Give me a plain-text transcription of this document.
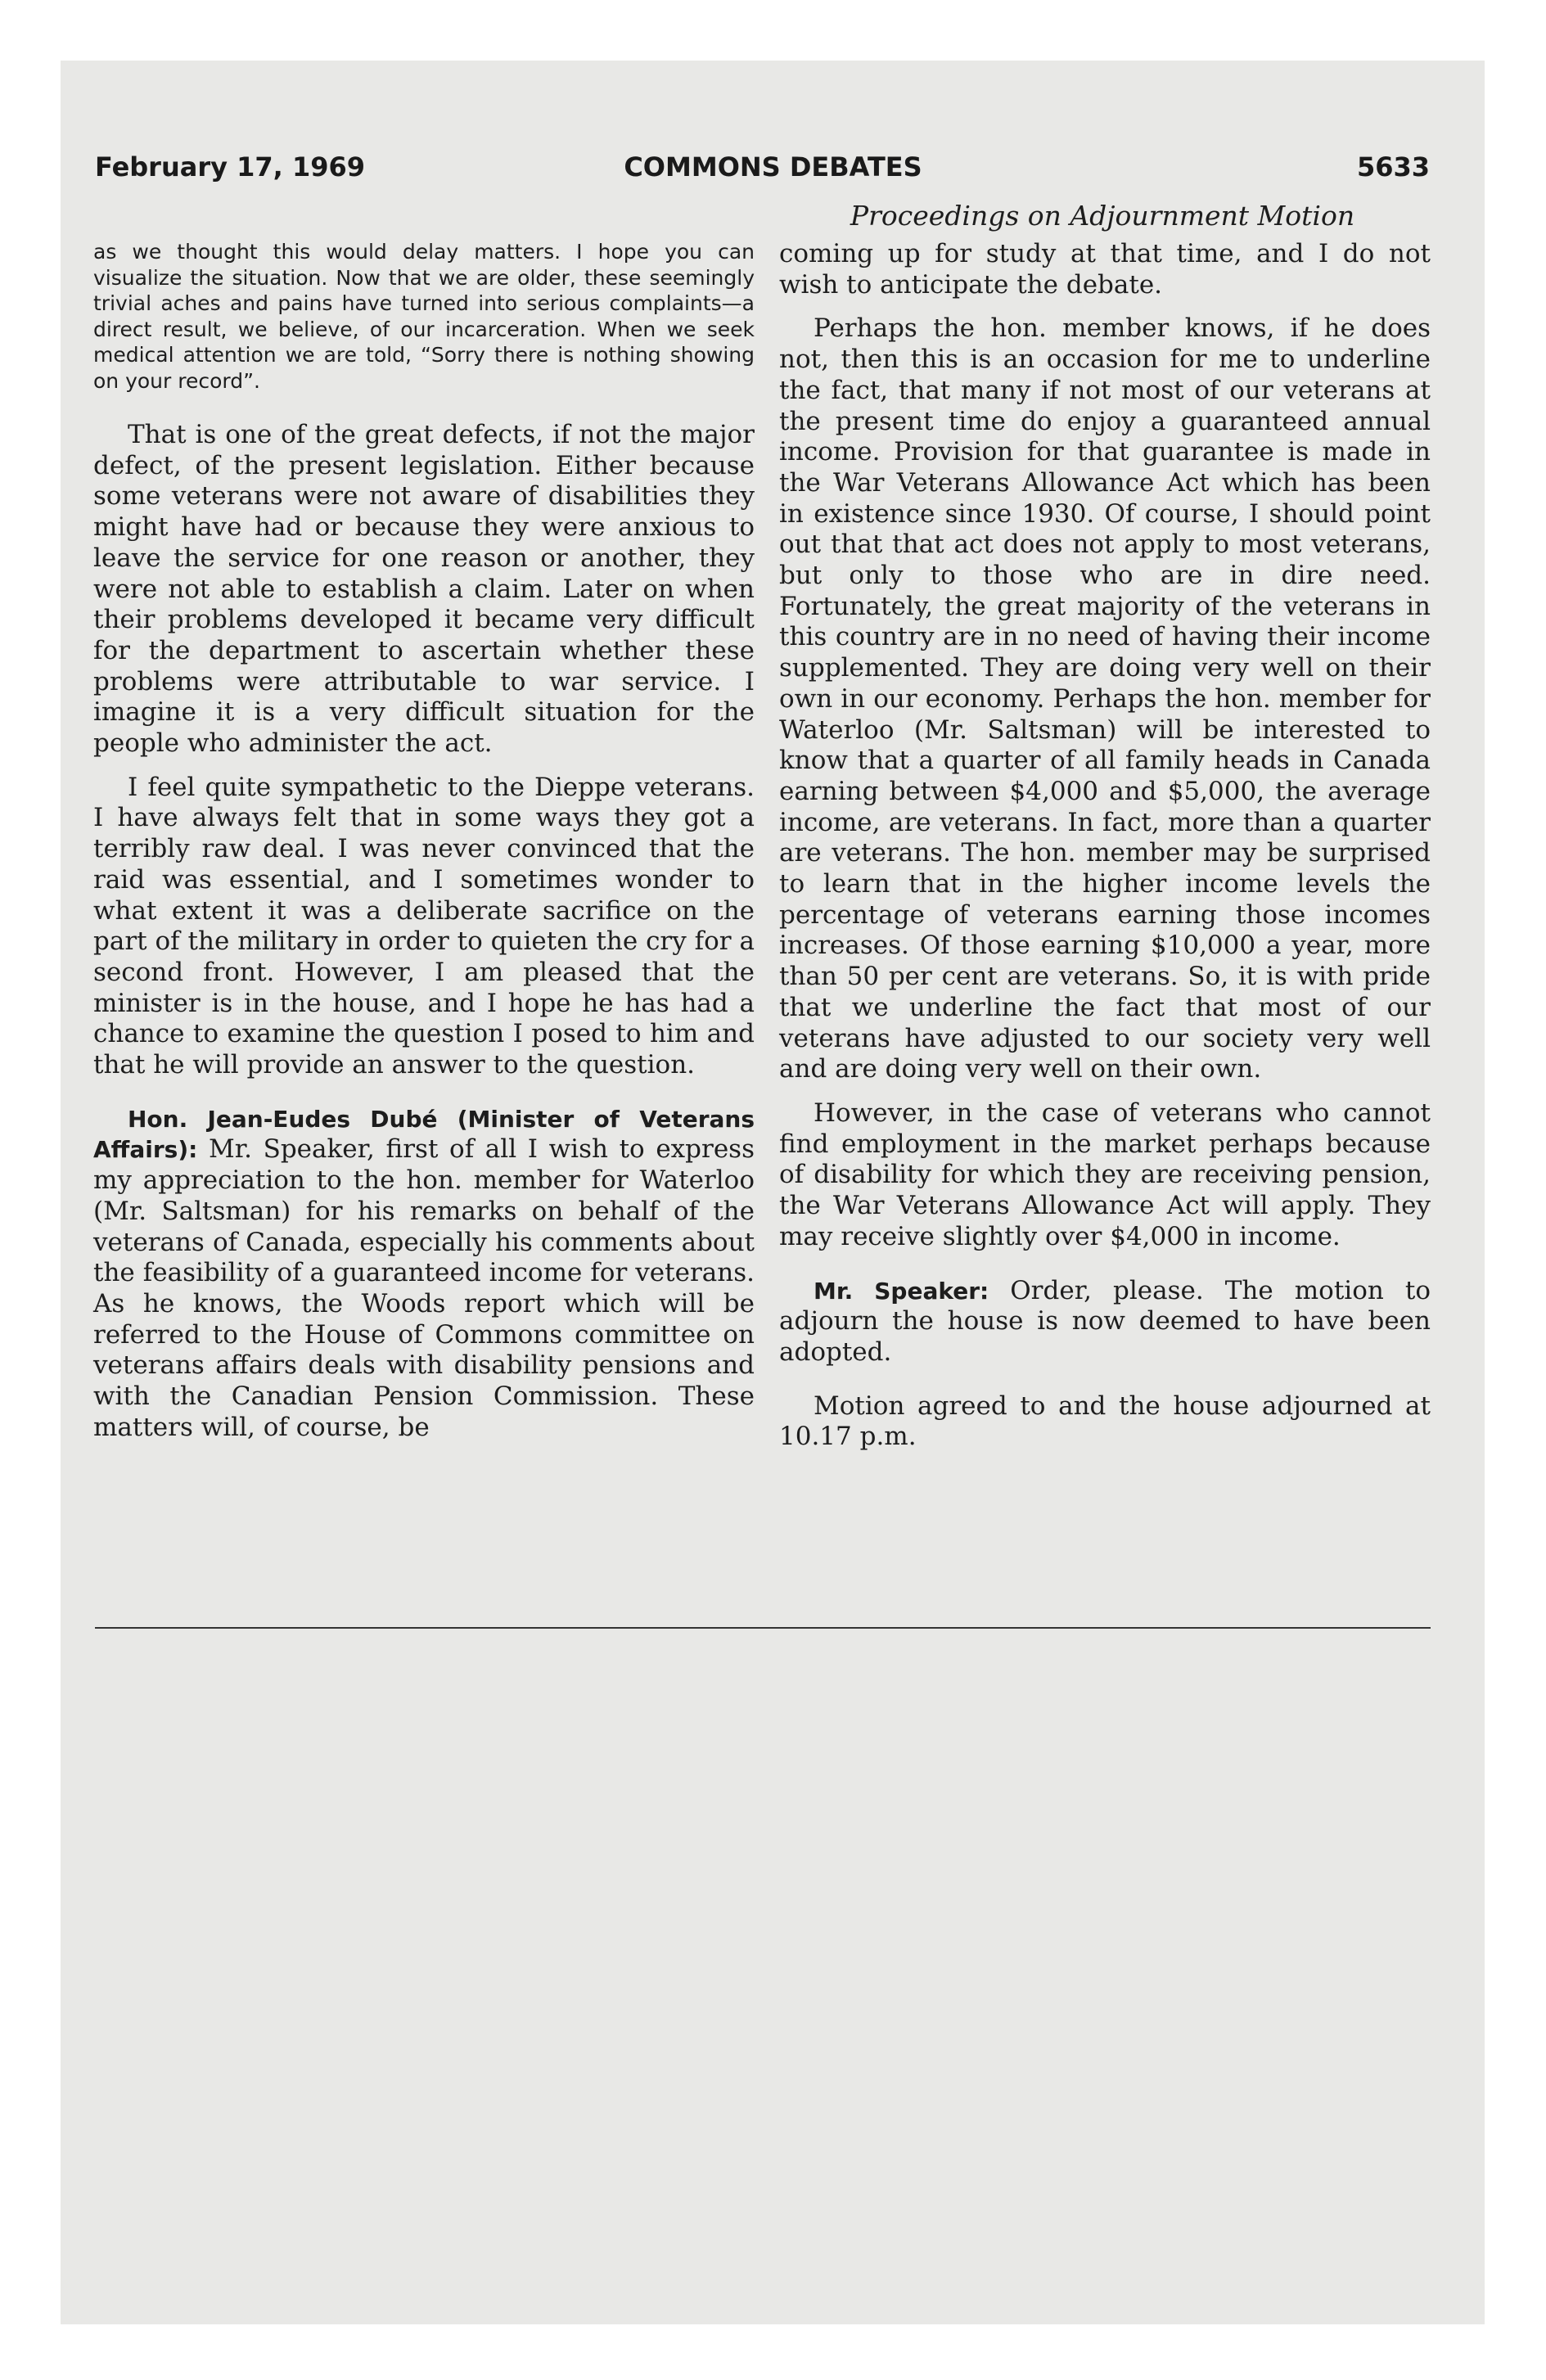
February 17, 1969	COMMONS DEBATES	5633
Proceedings on Adjournment Motion

as we thought this would delay matters. I hope you can visualize the situation. Now that we are older, these seemingly trivial aches and pains have turned into serious complaints—a direct result, we believe, of our incarceration. When we seek medical attention we are told, “Sorry there is nothing showing on your record”.

That is one of the great defects, if not the major defect, of the present legislation. Either because some veterans were not aware of disabilities they might have had or because they were anxious to leave the service for one reason or another, they were not able to establish a claim. Later on when their problems developed it became very difficult for the department to ascertain whether these problems were attributable to war service. I imagine it is a very difficult situation for the people who administer the act.

I feel quite sympathetic to the Dieppe veterans. I have always felt that in some ways they got a terribly raw deal. I was never convinced that the raid was essential, and I sometimes wonder to what extent it was a deliberate sacrifice on the part of the military in order to quieten the cry for a second front. However, I am pleased that the minister is in the house, and I hope he has had a chance to examine the question I posed to him and that he will provide an answer to the question.

Hon. Jean-Eudes Dubé (Minister of Veterans Affairs): Mr. Speaker, first of all I wish to express my appreciation to the hon. member for Waterloo (Mr. Saltsman) for his remarks on behalf of the veterans of Canada, especially his comments about the feasibility of a guaranteed income for veterans. As he knows, the Woods report which will be referred to the House of Commons committee on veterans affairs deals with disability pensions and with the Canadian Pension Commission. These matters will, of course, be

coming up for study at that time, and I do not wish to anticipate the debate.

Perhaps the hon. member knows, if he does not, then this is an occasion for me to underline the fact, that many if not most of our veterans at the present time do enjoy a guaranteed annual income. Provision for that guarantee is made in the War Veterans Allowance Act which has been in existence since 1930. Of course, I should point out that that act does not apply to most veterans, but only to those who are in dire need. Fortunately, the great majority of the veterans in this country are in no need of having their income supplemented. They are doing very well on their own in our economy. Perhaps the hon. member for Waterloo (Mr. Saltsman) will be interested to know that a quarter of all family heads in Canada earning between $4,000 and $5,000, the average income, are veterans. In fact, more than a quarter are veterans. The hon. member may be surprised to learn that in the higher income levels the percentage of veterans earning those incomes increases. Of those earning $10,000 a year, more than 50 per cent are veterans. So, it is with pride that we underline the fact that most of our veterans have adjusted to our society very well and are doing very well on their own.

However, in the case of veterans who cannot find employment in the market perhaps because of disability for which they are receiving pension, the War Veterans Allowance Act will apply. They may receive slightly over $4,000 in income.

Mr. Speaker: Order, please. The motion to adjourn the house is now deemed to have been adopted.

Motion agreed to and the house adjourned at 10.17 p.m.
